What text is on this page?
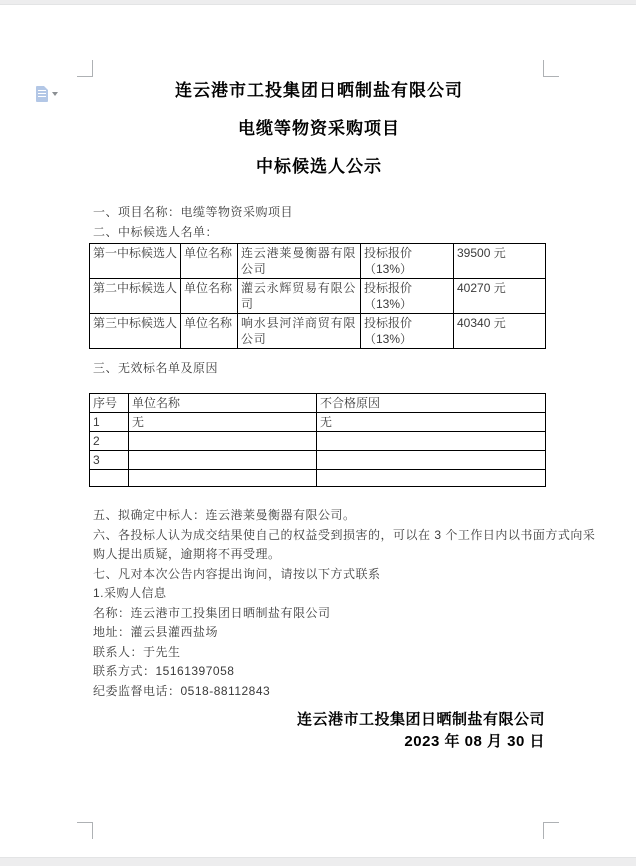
连云港市工投集团日晒制盐有限公司
电缆等物资采购项目
中标候选人公示
一、项目名称：电缆等物资采购项目
二、中标候选人名单：
第一中标候选人	单位名称	连云港莱曼衡器有限公司	投标报价（13%）	39500 元
第二中标候选人	单位名称	灌云永辉贸易有限公司	投标报价（13%）	40270 元
第三中标候选人	单位名称	响水县河洋商贸有限公司	投标报价（13%）	40340 元
三、无效标名单及原因
序号	单位名称	不合格原因
1	无	无
2		
3		

五、拟确定中标人：连云港莱曼衡器有限公司。
六、各投标人认为成交结果使自己的权益受到损害的，可以在 3 个工作日内以书面方式向采
购人提出质疑，逾期将不再受理。
七、凡对本次公告内容提出询问，请按以下方式联系
1.采购人信息
名称：连云港市工投集团日晒制盐有限公司
地址：灌云县灌西盐场
联系人：于先生
联系方式：15161397058
纪委监督电话：0518-88112843
连云港市工投集团日晒制盐有限公司
2023 年 08 月 30 日
